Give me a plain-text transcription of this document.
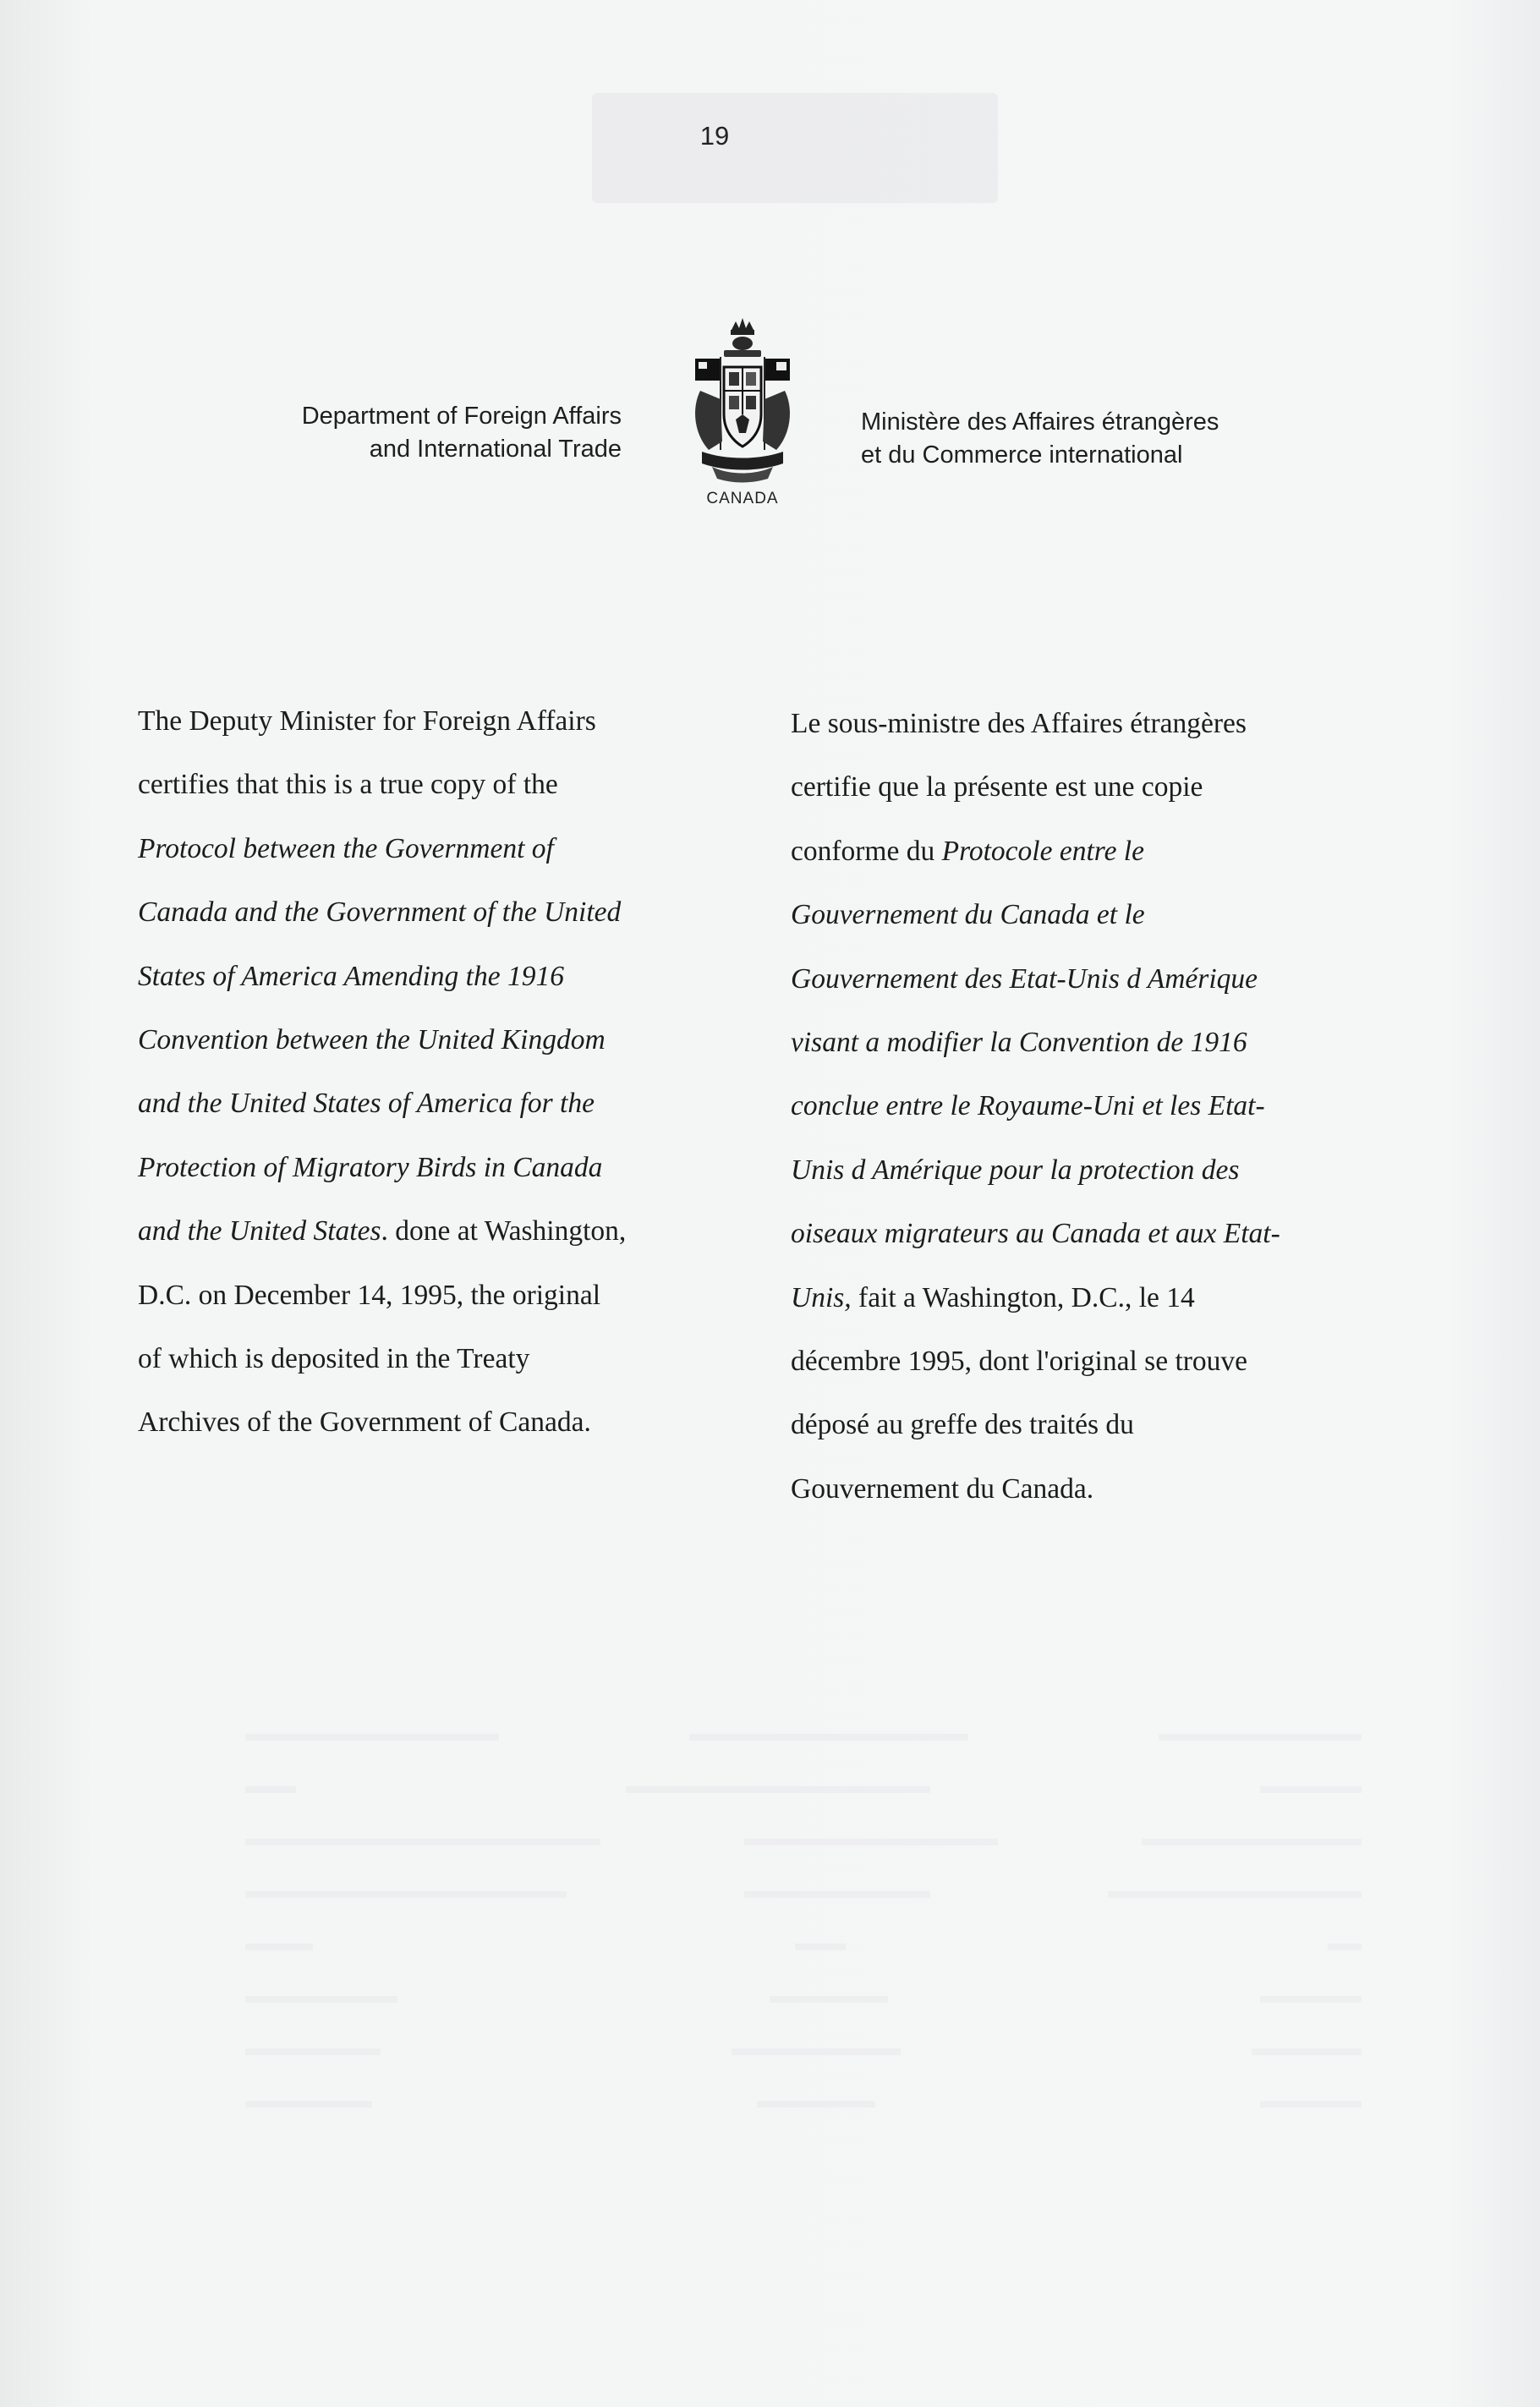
19
Department of Foreign Affairs
and International Trade
CANADA
Ministère des Affaires étrangères
et du Commerce international
The Deputy Minister for Foreign Affairs
certifies that this is a true copy of the
Protocol between the Government of
Canada and the Government of the United
States of America Amending the 1916
Convention between the United Kingdom
and the United States of America for the
Protection of Migratory Birds in Canada
and the United States. done at Washington,
D.C. on December 14, 1995, the original
of which is deposited in the Treaty
Archives of the Government of Canada.
Le sous-ministre des Affaires étrangères
certifie que la présente est une copie
conforme du Protocole entre le
Gouvernement du Canada et le
Gouvernement des Etat-Unis d Amérique
visant a modifier la Convention de 1916
conclue entre le Royaume-Uni et les Etat-
Unis d Amérique pour la protection des
oiseaux migrateurs au Canada et aux Etat-
Unis, fait a Washington, D.C., le 14
décembre 1995, dont l'original se trouve
déposé au greffe des traités du
Gouvernement du Canada.
